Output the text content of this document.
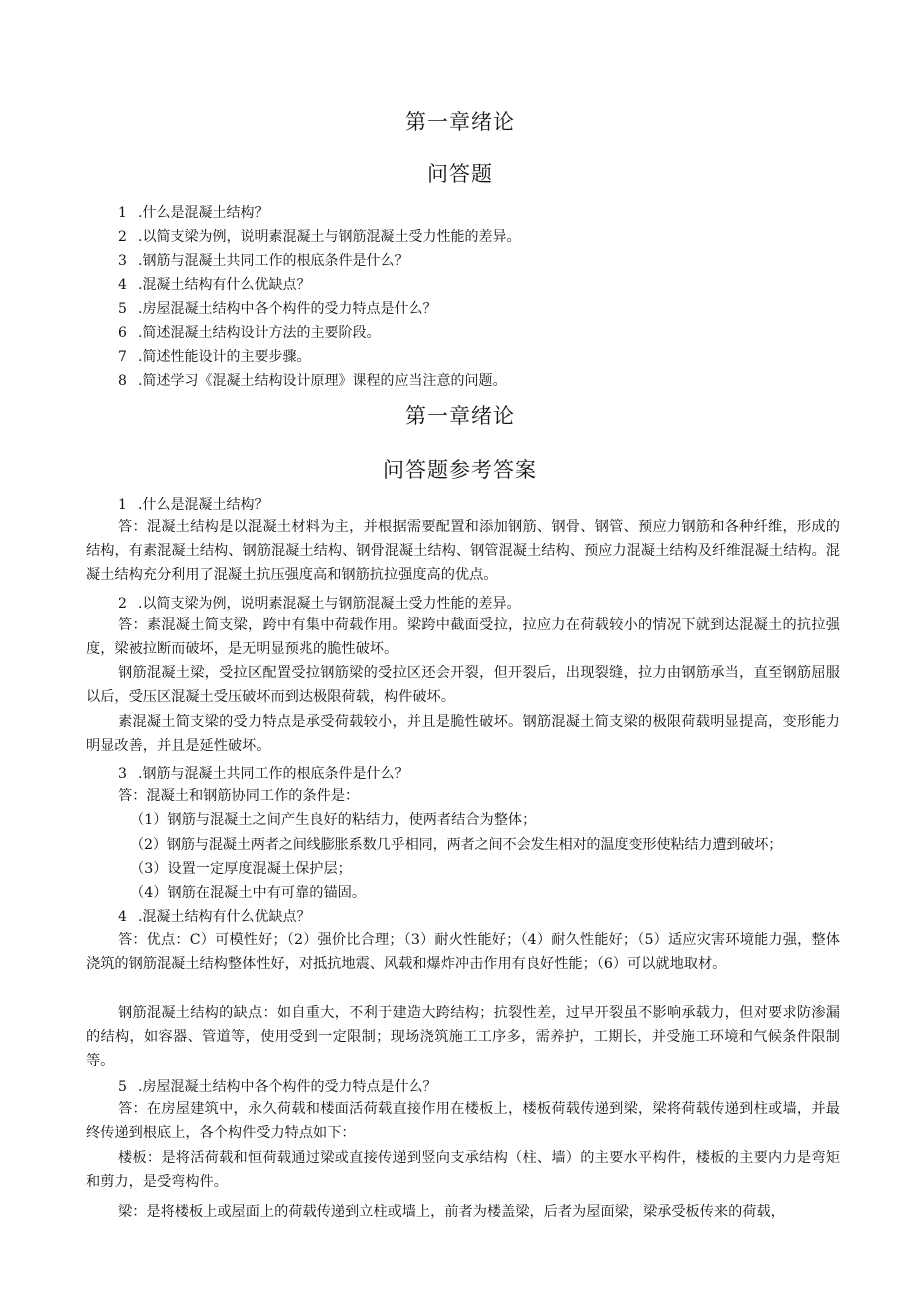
第一章绪论
问答题
1 .什么是混凝土结构？
2 .以简支梁为例，说明素混凝土与钢筋混凝土受力性能的差异。
3 .钢筋与混凝土共同工作的根底条件是什么？
4 .混凝土结构有什么优缺点？
5 .房屋混凝土结构中各个构件的受力特点是什么？
6 .简述混凝土结构设计方法的主要阶段。
7 .简述性能设计的主要步骤。
8 .简述学习《混凝土结构设计原理》课程的应当注意的问题。
第一章绪论
问答题参考答案
1 .什么是混凝土结构？
答：混凝土结构是以混凝土材料为主，并根据需要配置和添加钢筋、钢骨、钢管、预应力钢筋和各种纤维，形成的结构，有素混凝土结构、钢筋混凝土结构、钢骨混凝土结构、钢管混凝土结构、预应力混凝土结构及纤维混凝土结构。混凝土结构充分利用了混凝土抗压强度高和钢筋抗拉强度高的优点。
2 .以简支梁为例，说明素混凝土与钢筋混凝土受力性能的差异。
答：素混凝土简支梁，跨中有集中荷载作用。梁跨中截面受拉，拉应力在荷载较小的情况下就到达混凝土的抗拉强度，梁被拉断而破坏，是无明显预兆的脆性破坏。
钢筋混凝土梁，受拉区配置受拉钢筋梁的受拉区还会开裂，但开裂后，出现裂缝，拉力由钢筋承当，直至钢筋屈服以后，受压区混凝土受压破坏而到达极限荷载，构件破坏。
素混凝土简支梁的受力特点是承受荷载较小，并且是脆性破坏。钢筋混凝土简支梁的极限荷载明显提高，变形能力明显改善，并且是延性破坏。
3 .钢筋与混凝土共同工作的根底条件是什么？
答：混凝土和钢筋协同工作的条件是：
（1）钢筋与混凝土之间产生良好的粘结力，使两者结合为整体；
（2）钢筋与混凝土两者之间线膨胀系数几乎相同，两者之间不会发生相对的温度变形使粘结力遭到破坏；
（3）设置一定厚度混凝土保护层；
（4）钢筋在混凝土中有可靠的锚固。
4 .混凝土结构有什么优缺点？
答：优点：C）可模性好；（2）强价比合理；（3）耐火性能好；（4）耐久性能好；（5）适应灾害环境能力强，整体浇筑的钢筋混凝土结构整体性好，对抵抗地震、风载和爆炸冲击作用有良好性能；（6）可以就地取材。
钢筋混凝土结构的缺点：如自重大，不利于建造大跨结构；抗裂性差，过早开裂虽不影响承载力，但对要求防渗漏的结构，如容器、管道等，使用受到一定限制；现场浇筑施工工序多，需养护，工期长，并受施工环境和气候条件限制等。
5 .房屋混凝土结构中各个构件的受力特点是什么？
答：在房屋建筑中，永久荷载和楼面活荷载直接作用在楼板上，楼板荷载传递到梁，梁将荷载传递到柱或墙，并最终传递到根底上，各个构件受力特点如下：
楼板：是将活荷载和恒荷载通过梁或直接传递到竖向支承结构（柱、墙）的主要水平构件，楼板的主要内力是弯矩和剪力，是受弯构件。
梁：是将楼板上或屋面上的荷载传递到立柱或墙上，前者为楼盖梁，后者为屋面梁，梁承受板传来的荷载，
